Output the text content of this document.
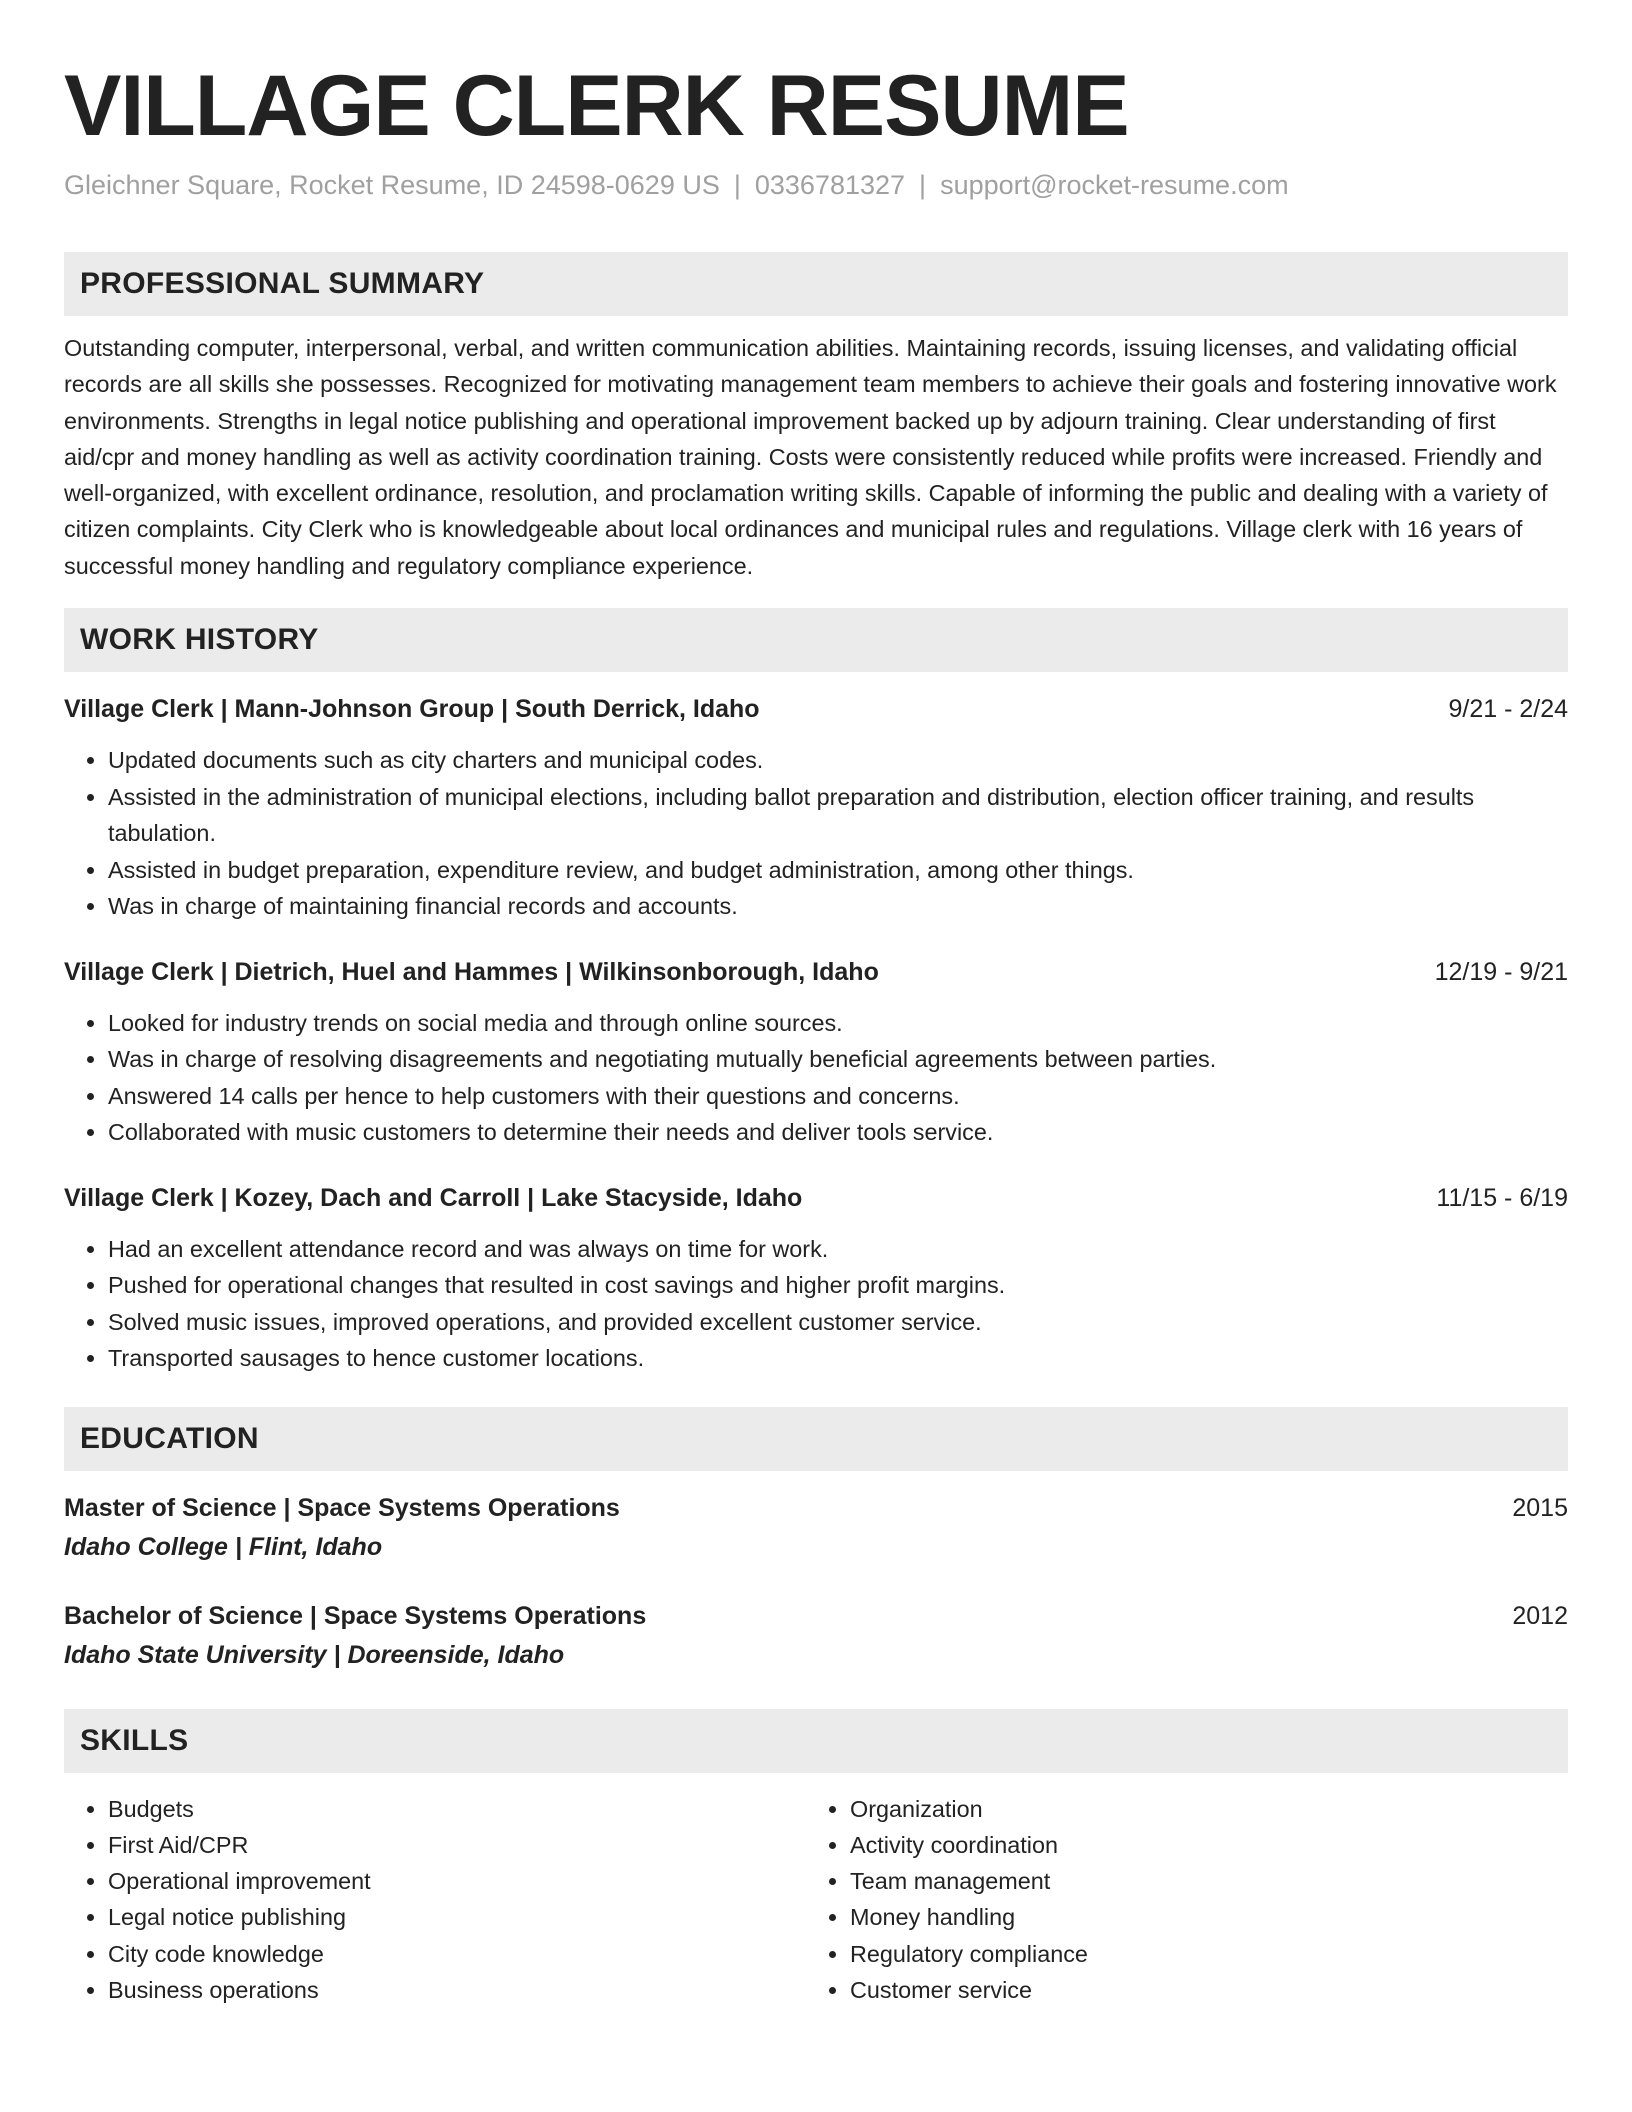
VILLAGE CLERK RESUME
Gleichner Square, Rocket Resume, ID 24598-0629 US | 0336781327 | support@rocket-resume.com
PROFESSIONAL SUMMARY
Outstanding computer, interpersonal, verbal, and written communication abilities. Maintaining records, issuing licenses, and validating official records are all skills she possesses. Recognized for motivating management team members to achieve their goals and fostering innovative work environments. Strengths in legal notice publishing and operational improvement backed up by adjourn training. Clear understanding of first aid/cpr and money handling as well as activity coordination training. Costs were consistently reduced while profits were increased. Friendly and well-organized, with excellent ordinance, resolution, and proclamation writing skills. Capable of informing the public and dealing with a variety of citizen complaints. City Clerk who is knowledgeable about local ordinances and municipal rules and regulations. Village clerk with 16 years of successful money handling and regulatory compliance experience.
WORK HISTORY
Village Clerk | Mann-Johnson Group | South Derrick, Idaho	9/21 - 2/24
• Updated documents such as city charters and municipal codes.
• Assisted in the administration of municipal elections, including ballot preparation and distribution, election officer training, and results tabulation.
• Assisted in budget preparation, expenditure review, and budget administration, among other things.
• Was in charge of maintaining financial records and accounts.
Village Clerk | Dietrich, Huel and Hammes | Wilkinsonborough, Idaho	12/19 - 9/21
• Looked for industry trends on social media and through online sources.
• Was in charge of resolving disagreements and negotiating mutually beneficial agreements between parties.
• Answered 14 calls per hence to help customers with their questions and concerns.
• Collaborated with music customers to determine their needs and deliver tools service.
Village Clerk | Kozey, Dach and Carroll | Lake Stacyside, Idaho	11/15 - 6/19
• Had an excellent attendance record and was always on time for work.
• Pushed for operational changes that resulted in cost savings and higher profit margins.
• Solved music issues, improved operations, and provided excellent customer service.
• Transported sausages to hence customer locations.
EDUCATION
Master of Science | Space Systems Operations	2015
Idaho College | Flint, Idaho
Bachelor of Science | Space Systems Operations	2012
Idaho State University | Doreenside, Idaho
SKILLS
• Budgets
• First Aid/CPR
• Operational improvement
• Legal notice publishing
• City code knowledge
• Business operations
• Organization
• Activity coordination
• Team management
• Money handling
• Regulatory compliance
• Customer service
